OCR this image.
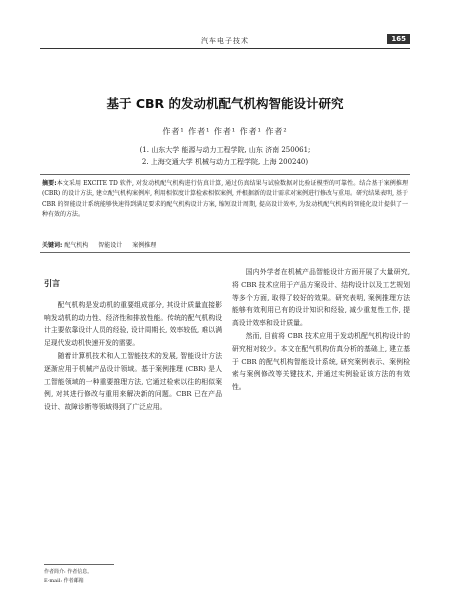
汽车电子技术	165
基于 CBR 的发动机配气机构智能设计研究
作者¹ 作者¹ 作者¹ 作者¹ 作者²
(1. 山东大学 能源与动力工程学院, 山东 济南 250061;
2. 上海交通大学 机械与动力工程学院, 上海 200240)
摘要:本文采用 EXCITE TD 软件, 对发动机配气机构进行仿真计算, 通过仿真结果与试验数据对比验证模型的可靠性。结合基于案例推理 (CBR) 的设计方法, 建立配气机构案例库, 利用相似度计算检索相似案例, 并根据新的设计需求对案例进行修改与重用。研究结果表明, 基于 CBR 的智能设计系统能够快速得到满足要求的配气机构设计方案, 缩短设计周期, 提高设计效率, 为发动机配气机构的智能化设计提供了一种有效的方法。
关键词: 配气机构 智能设计 案例推理
引言

配气机构是发动机的重要组成部分, 其设计质量直接影响发动机的动力性、经济性和排放性能。传统的配气机构设计主要依靠设计人员的经验, 设计周期长, 效率较低, 难以满足现代发动机快速开发的需要。

随着计算机技术和人工智能技术的发展, 智能设计方法逐渐应用于机械产品设计领域。基于案例推理 (CBR) 是人工智能领域的一种重要推理方法, 它通过检索以往的相似案例, 对其进行修改与重用来解决新的问题。CBR 已在产品设计、故障诊断等领域得到了广泛应用。

国内外学者在机械产品智能设计方面开展了大量研究, 将 CBR 技术应用于产品方案设计、结构设计以及工艺规划等多个方面, 取得了较好的效果。研究表明, 案例推理方法能够有效利用已有的设计知识和经验, 减少重复性工作, 提高设计效率和设计质量。

然而, 目前将 CBR 技术应用于发动机配气机构设计的研究相对较少。本文在配气机构仿真分析的基础上, 建立基于 CBR 的配气机构智能设计系统, 研究案例表示、案例检索与案例修改等关键技术, 并通过实例验证该方法的有效性。

作者简介: 作者信息。
E-mail: 作者邮箱
